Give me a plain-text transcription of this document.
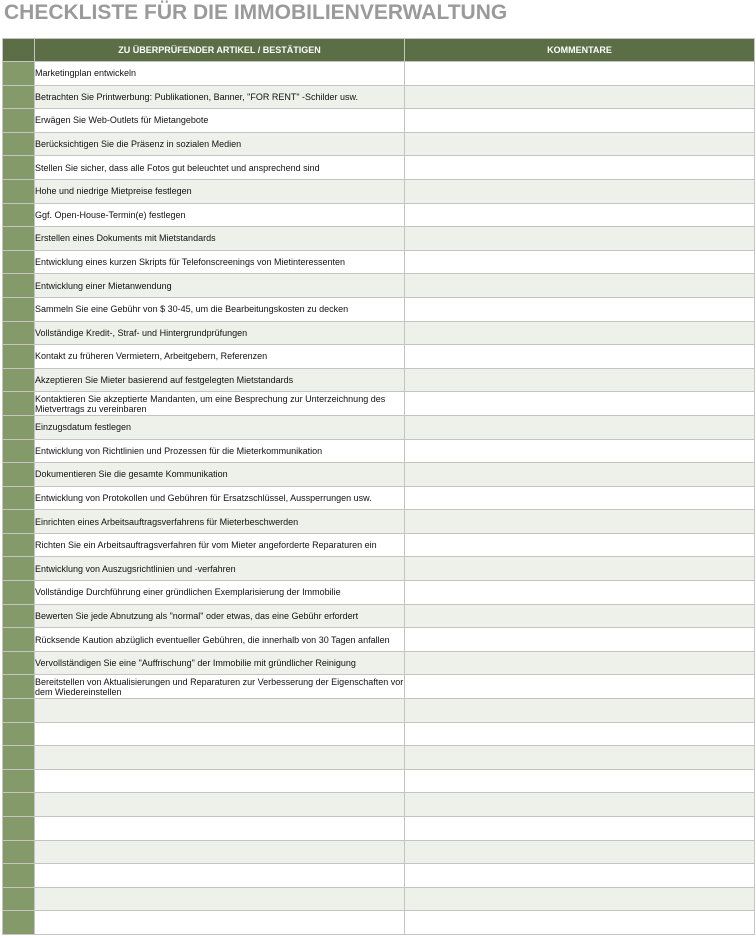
CHECKLISTE FÜR DIE IMMOBILIENVERWALTUNG
	ZU ÜBERPRÜFENDER ARTIKEL / BESTÄTIGEN	KOMMENTARE
	Marketingplan entwickeln	
	Betrachten Sie Printwerbung: Publikationen, Banner, "FOR RENT" -Schilder usw.	
	Erwägen Sie Web-Outlets für Mietangebote	
	Berücksichtigen Sie die Präsenz in sozialen Medien	
	Stellen Sie sicher, dass alle Fotos gut beleuchtet und ansprechend sind	
	Hohe und niedrige Mietpreise festlegen	
	Ggf. Open-House-Termin(e) festlegen	
	Erstellen eines Dokuments mit Mietstandards	
	Entwicklung eines kurzen Skripts für Telefonscreenings von Mietinteressenten	
	Entwicklung einer Mietanwendung	
	Sammeln Sie eine Gebühr von $ 30-45, um die Bearbeitungskosten zu decken	
	Vollständige Kredit-, Straf- und Hintergrundprüfungen	
	Kontakt zu früheren Vermietern, Arbeitgebern, Referenzen	
	Akzeptieren Sie Mieter basierend auf festgelegten Mietstandards	
	Kontaktieren Sie akzeptierte Mandanten, um eine Besprechung zur Unterzeichnung des Mietvertrags zu vereinbaren	
	Einzugsdatum festlegen	
	Entwicklung von Richtlinien und Prozessen für die Mieterkommunikation	
	Dokumentieren Sie die gesamte Kommunikation	
	Entwicklung von Protokollen und Gebühren für Ersatzschlüssel, Aussperrungen usw.	
	Einrichten eines Arbeitsauftragsverfahrens für Mieterbeschwerden	
	Richten Sie ein Arbeitsauftragsverfahren für vom Mieter angeforderte Reparaturen ein	
	Entwicklung von Auszugsrichtlinien und -verfahren	
	Vollständige Durchführung einer gründlichen Exemplarisierung der Immobilie	
	Bewerten Sie jede Abnutzung als "normal" oder etwas, das eine Gebühr erfordert	
	Rücksende Kaution abzüglich eventueller Gebühren, die innerhalb von 30 Tagen anfallen	
	Vervollständigen Sie eine "Auffrischung" der Immobilie mit gründlicher Reinigung	
	Bereitstellen von Aktualisierungen und Reparaturen zur Verbesserung der Eigenschaften vor dem Wiedereinstellen	
